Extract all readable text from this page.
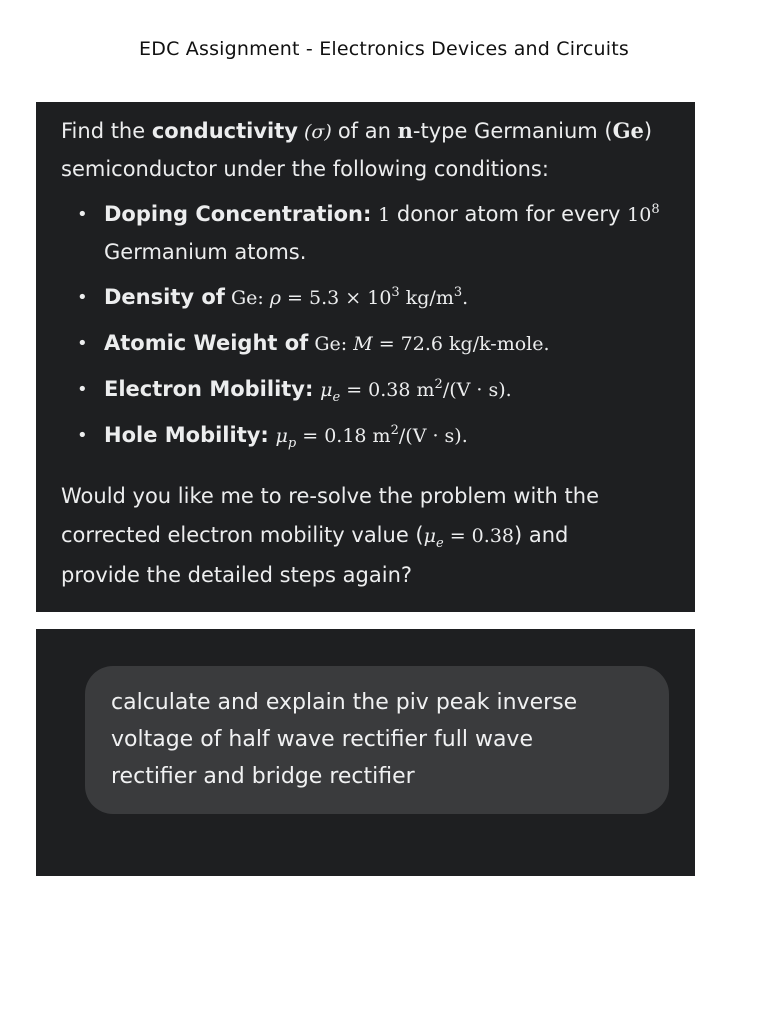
EDC Assignment - Electronics Devices and Circuits

Find the conductivity (σ) of an n-type Germanium (Ge)
semiconductor under the following conditions:

• Doping Concentration: 1 donor atom for every $10^8$
Germanium atoms.
• Density of Ge: $\rho = 5.3 \times 10^3$ $kg/m^3$.
• Atomic Weight of Ge: M = 72.6 kg/k-mole.
• Electron Mobility: $\mu_e = 0.38$ $m^2/(V \cdot s)$.
• Hole Mobility: $\mu_p = 0.18$ $m^2/(V \cdot s)$.

Would you like me to re-solve the problem with the
corrected electron mobility value $(\mu_e = 0.38)$ and
provide the detailed steps again?

calculate and explain the piv peak inverse
voltage of half wave rectifier full wave
rectifier and bridge rectifier
